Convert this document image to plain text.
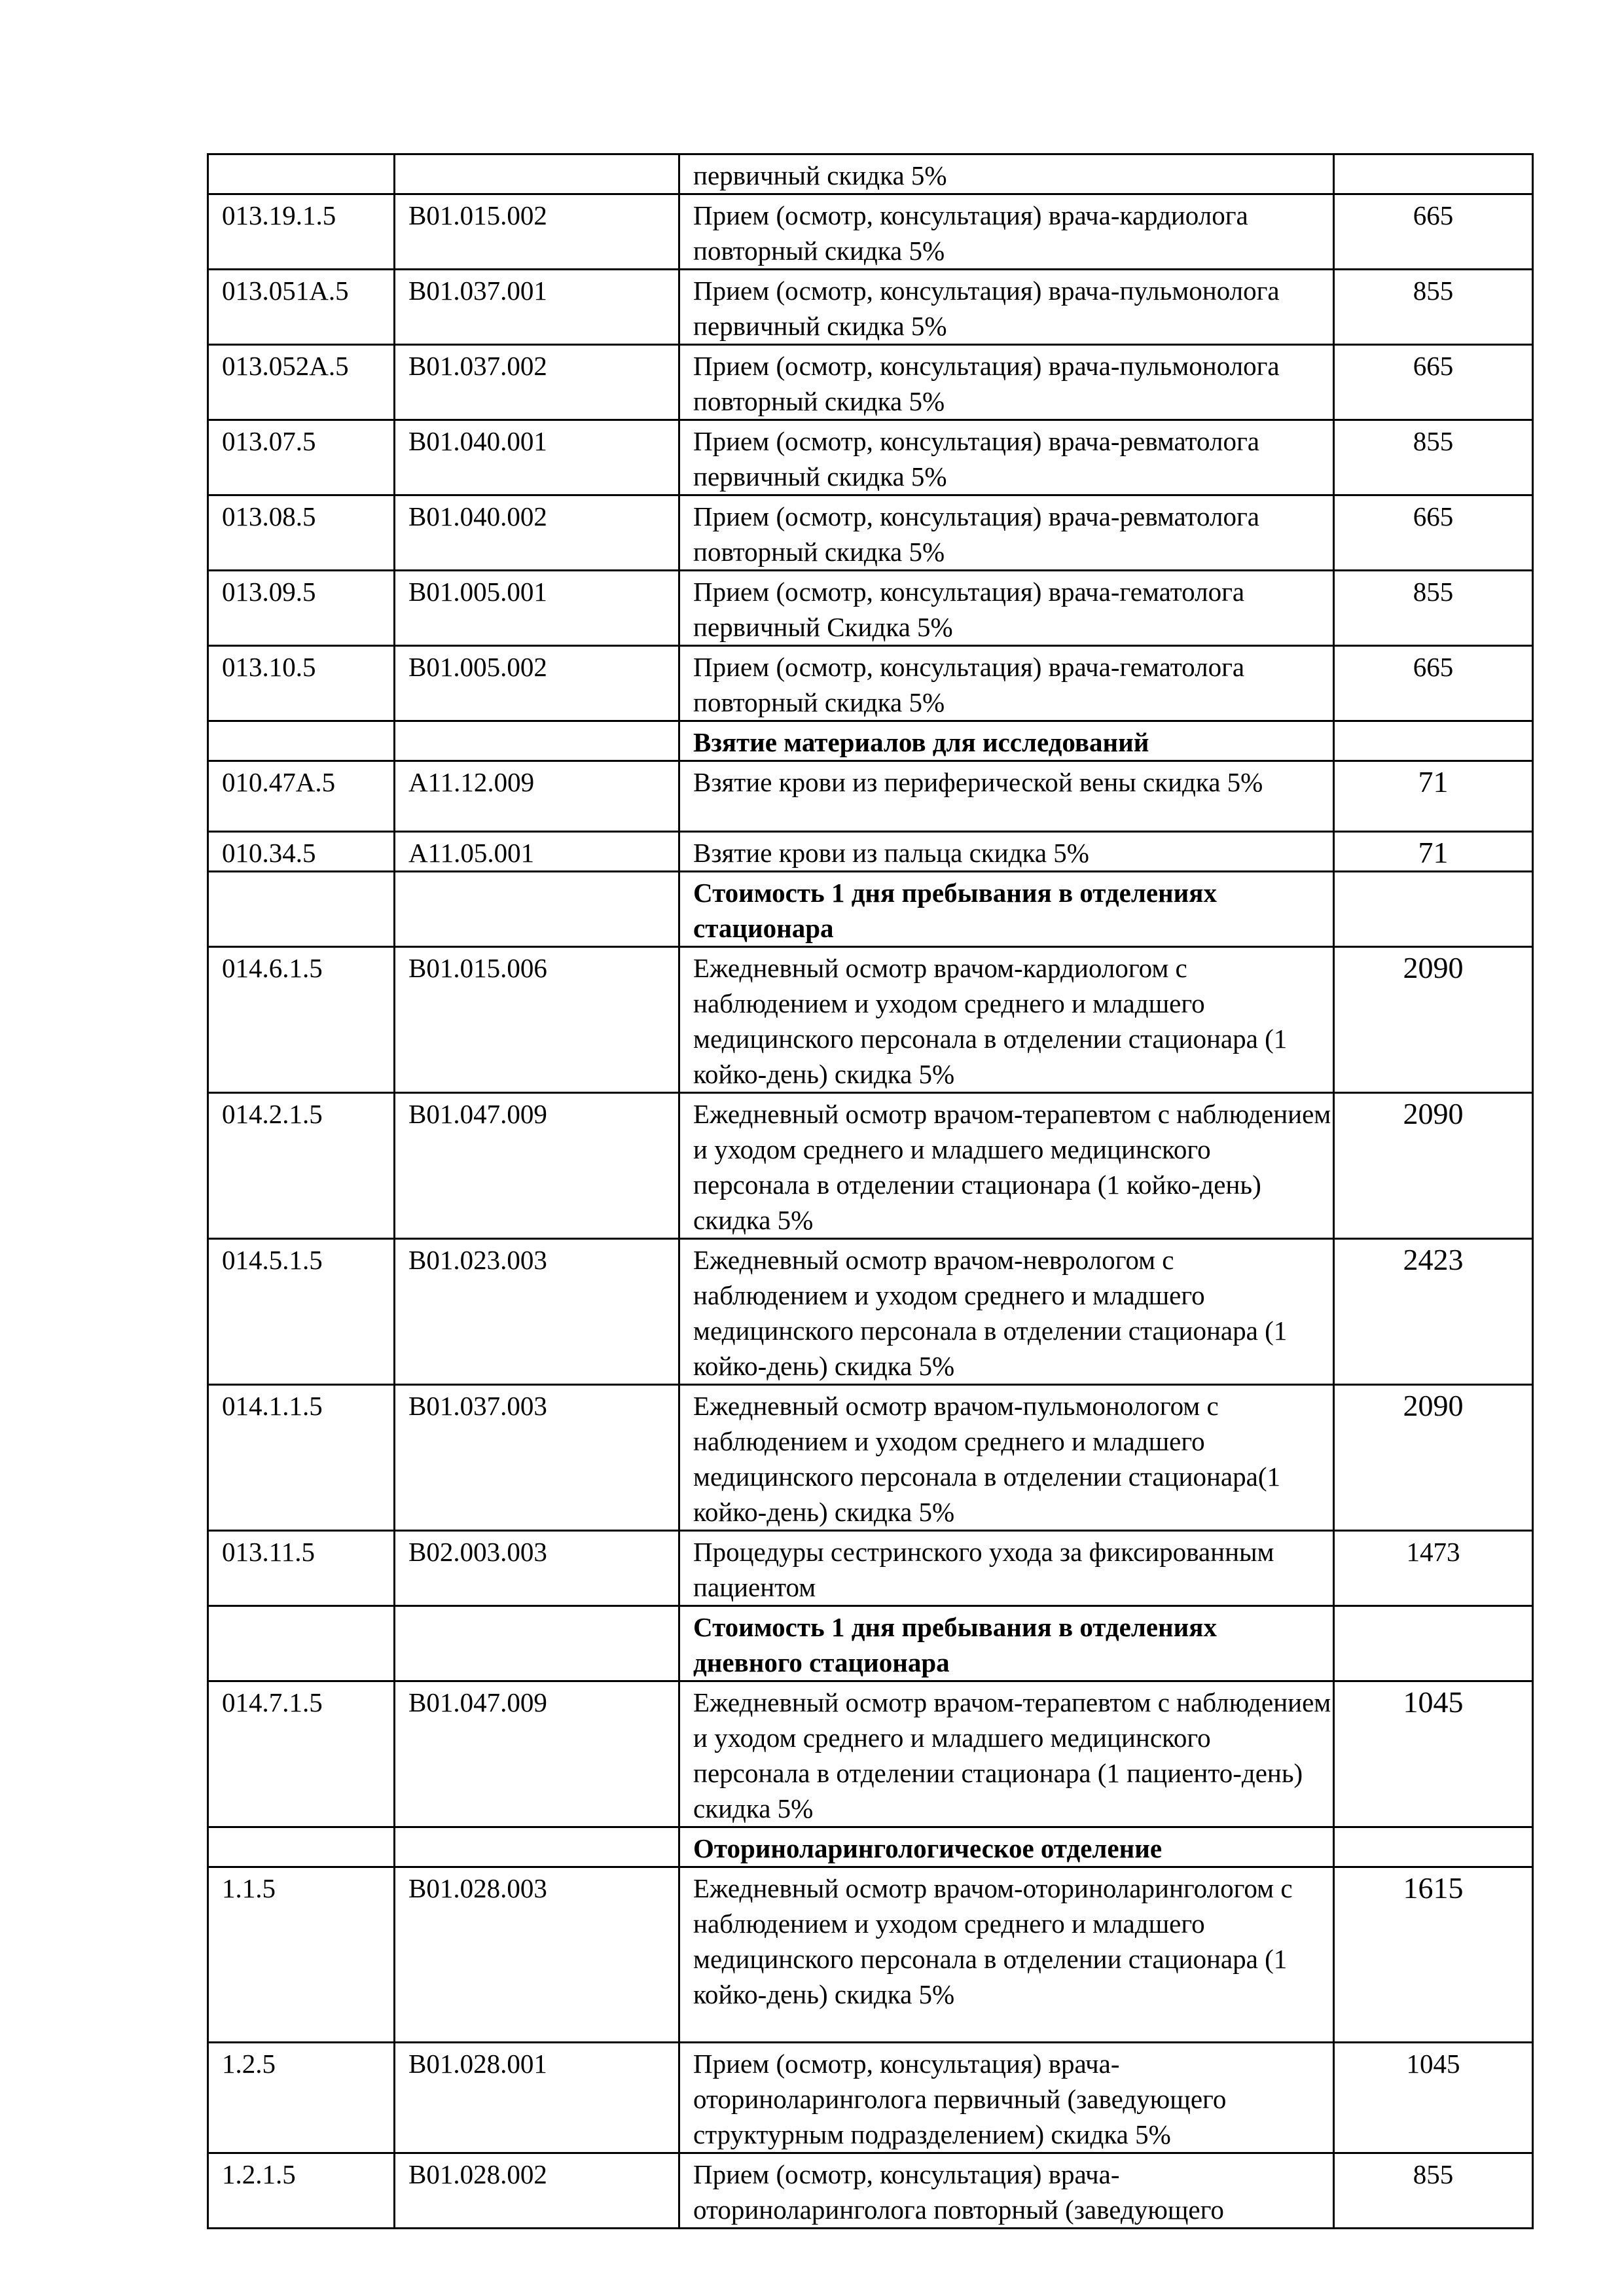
		первичный скидка 5%	
013.19.1.5	В01.015.002	Прием (осмотр, консультация) врача-кардиолога повторный скидка 5%	665
013.051А.5	В01.037.001	Прием (осмотр, консультация) врача-пульмонолога первичный скидка 5%	855
013.052А.5	В01.037.002	Прием (осмотр, консультация) врача-пульмонолога повторный скидка 5%	665
013.07.5	В01.040.001	Прием (осмотр, консультация) врача-ревматолога первичный скидка 5%	855
013.08.5	В01.040.002	Прием (осмотр, консультация) врача-ревматолога повторный скидка 5%	665
013.09.5	В01.005.001	Прием (осмотр, консультация) врача-гематолога первичный Скидка 5%	855
013.10.5	В01.005.002	Прием (осмотр, консультация) врача-гематолога повторный скидка 5%	665
		Взятие материалов для исследований	
010.47А.5	А11.12.009	Взятие крови из периферической вены скидка 5%	71
010.34.5	А11.05.001	Взятие крови из пальца скидка 5%	71
		Стоимость 1 дня пребывания в отделениях стационара	
014.6.1.5	В01.015.006	Ежедневный осмотр врачом-кардиологом с наблюдением и уходом среднего и младшего медицинского персонала в отделении стационара (1 койко-день) скидка 5%	2090
014.2.1.5	В01.047.009	Ежедневный осмотр врачом-терапевтом с наблюдением и уходом среднего и младшего медицинского персонала в отделении стационара (1 койко-день) скидка 5%	2090
014.5.1.5	В01.023.003	Ежедневный осмотр врачом-неврологом с наблюдением и уходом среднего и младшего медицинского персонала в отделении стационара (1 койко-день) скидка 5%	2423
014.1.1.5	В01.037.003	Ежедневный осмотр врачом-пульмонологом с наблюдением и уходом среднего и младшего медицинского персонала в отделении стационара(1 койко-день) скидка 5%	2090
013.11.5	В02.003.003	Процедуры сестринского ухода за фиксированным пациентом	1473
		Стоимость 1 дня пребывания в отделениях дневного стационара	
014.7.1.5	В01.047.009	Ежедневный осмотр врачом-терапевтом с наблюдением и уходом среднего и младшего медицинского персонала в отделении стационара (1 пациенто-день) скидка 5%	1045
		Оториноларингологическое отделение	
1.1.5	В01.028.003	Ежедневный осмотр врачом-оториноларингологом с наблюдением и уходом среднего и младшего медицинского персонала в отделении стационара (1 койко-день) скидка 5%	1615
1.2.5	В01.028.001	Прием (осмотр, консультация) врача-оториноларинголога первичный (заведующего структурным подразделением) скидка 5%	1045
1.2.1.5	В01.028.002	Прием (осмотр, консультация) врача-оториноларинголога повторный (заведующего	855
